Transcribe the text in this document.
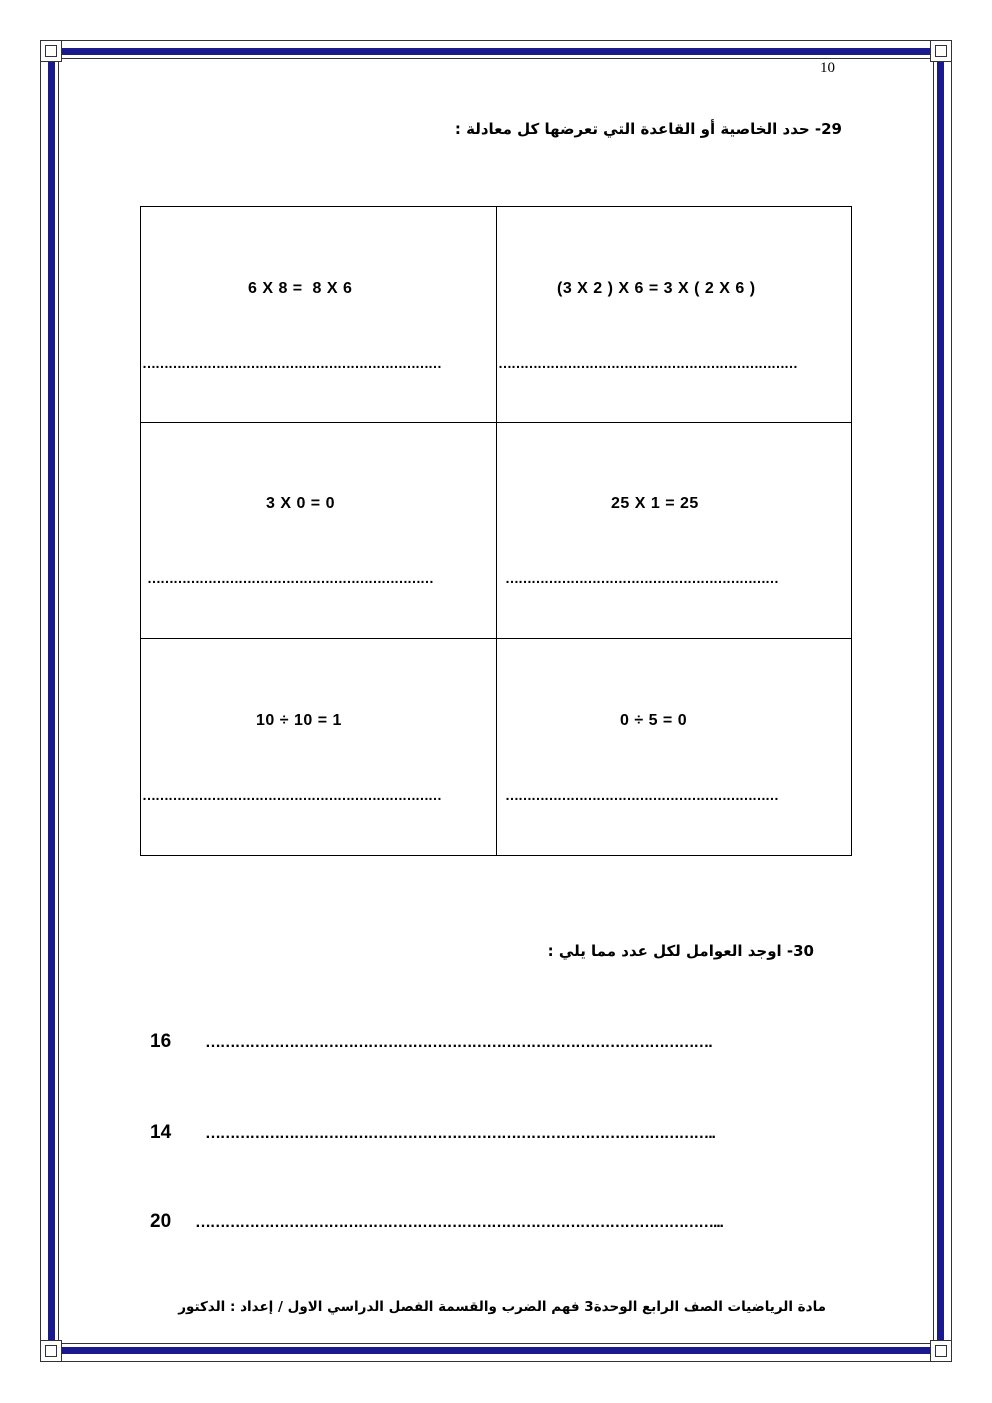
10
29- حدد الخاصية أو القاعدة التي تعرضها كل معادلة :
(3 X 2 ) X 6 = 3 X ( 2 X 6 )
……………………………………………………………
6 X 8 =  8 X 6
……………………………………………………………
25 X 1 = 25
………………………………………………………
3 X 0 = 0
…………………………………………………………
0 ÷ 5 = 0
………………………………………………………
10 ÷ 10 = 1
……………………………………………………………
30- اوجد العوامل لكل عدد مما يلي :
16 ………………………………………………………………………………………….
14 …………………………………………………………………………………………..
20 ……………………………………………………………………………………………...
مادة الرياضيات الصف الرابع الوحدة3 فهم الضرب والقسمة الفصل الدراسي الاول / إعداد : الدكتور
